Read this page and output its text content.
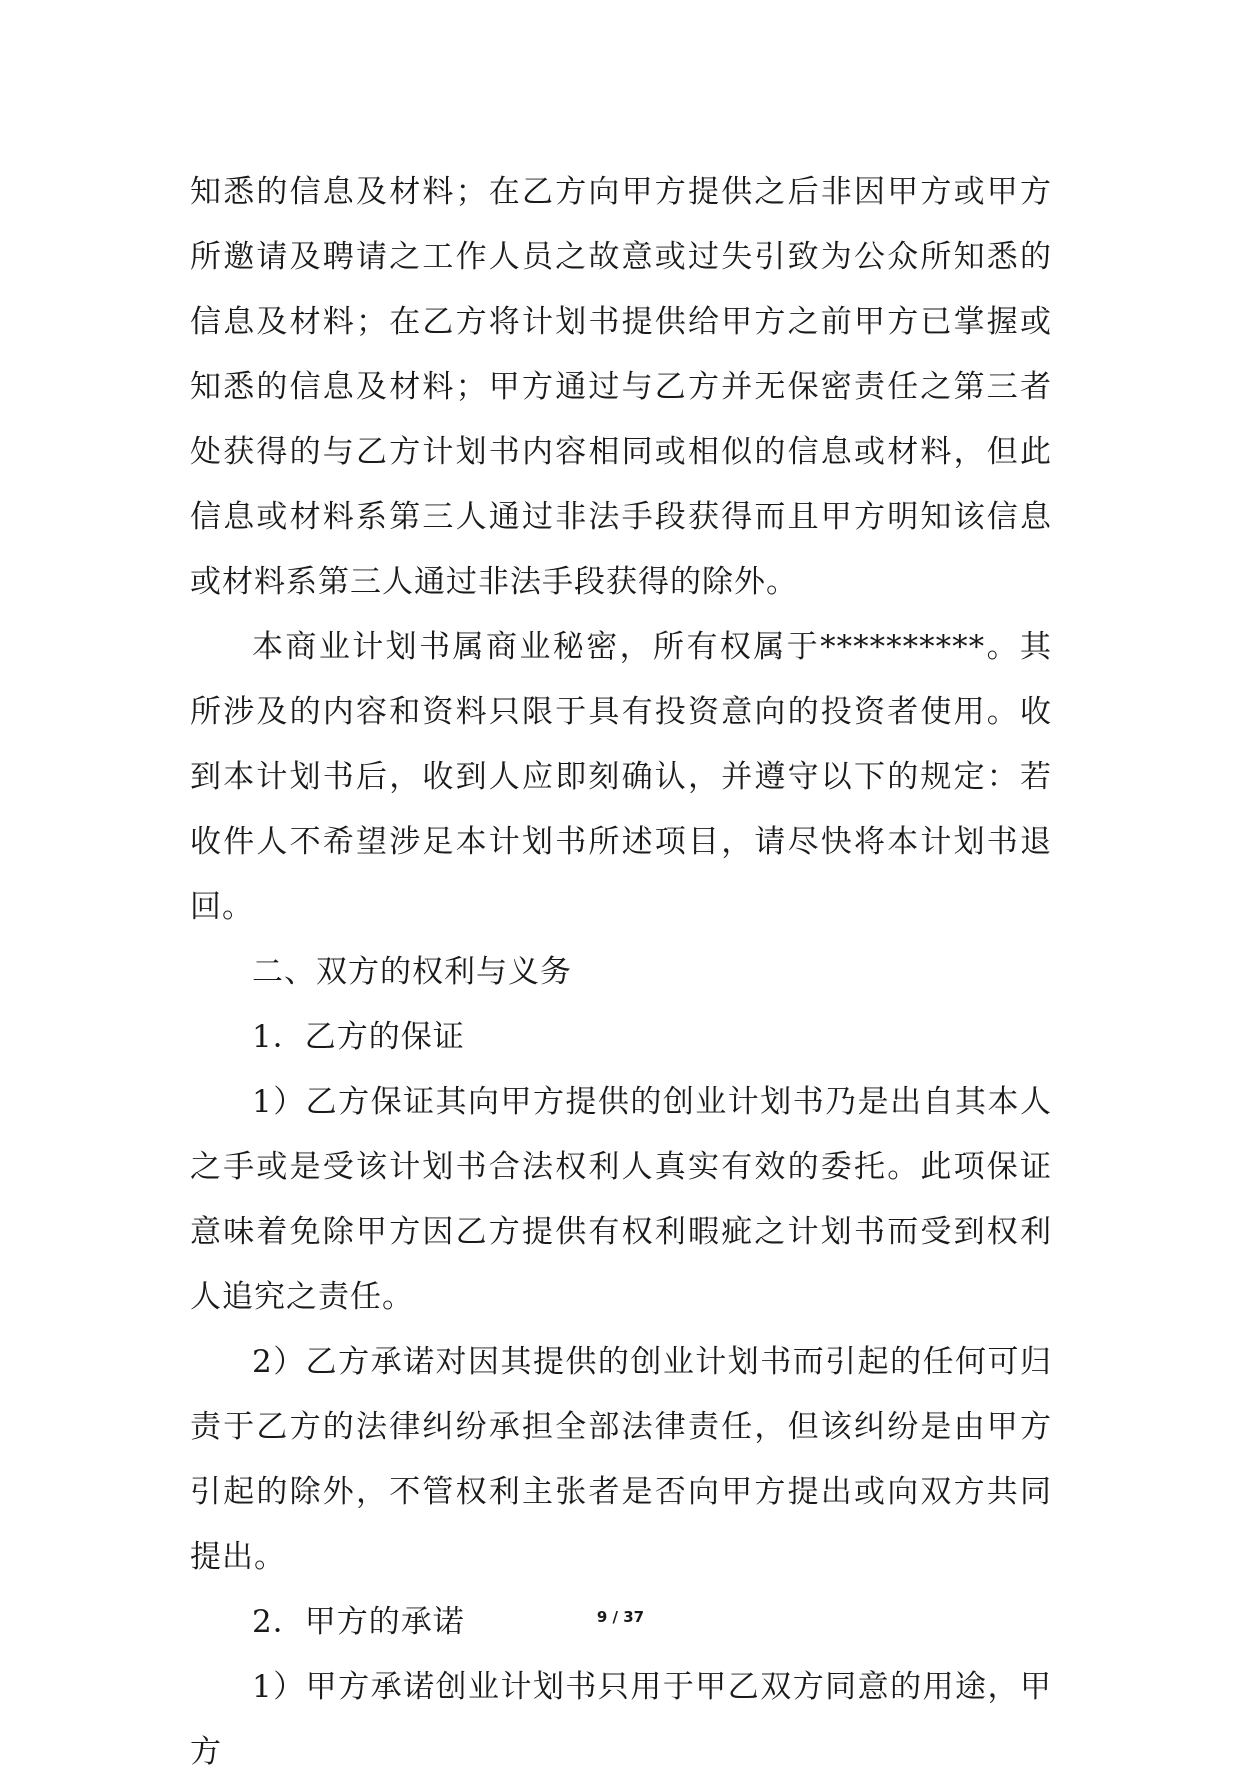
知悉的信息及材料；在乙方向甲方提供之后非因甲方或甲方所邀请及聘请之工作人员之故意或过失引致为公众所知悉的信息及材料；在乙方将计划书提供给甲方之前甲方已掌握或知悉的信息及材料；甲方通过与乙方并无保密责任之第三者处获得的与乙方计划书内容相同或相似的信息或材料，但此信息或材料系第三人通过非法手段获得而且甲方明知该信息或材料系第三人通过非法手段获得的除外。

本商业计划书属商业秘密，所有权属于**********。其所涉及的内容和资料只限于具有投资意向的投资者使用。收到本计划书后，收到人应即刻确认，并遵守以下的规定：若收件人不希望涉足本计划书所述项目，请尽快将本计划书退回。

二、双方的权利与义务

1．乙方的保证

1）乙方保证其向甲方提供的创业计划书乃是出自其本人之手或是受该计划书合法权利人真实有效的委托。此项保证意味着免除甲方因乙方提供有权利暇疵之计划书而受到权利人追究之责任。

2）乙方承诺对因其提供的创业计划书而引起的任何可归责于乙方的法律纠纷承担全部法律责任，但该纠纷是由甲方引起的除外，不管权利主张者是否向甲方提出或向双方共同提出。

2．甲方的承诺

1）甲方承诺创业计划书只用于甲乙双方同意的用途，甲方

9 / 37
